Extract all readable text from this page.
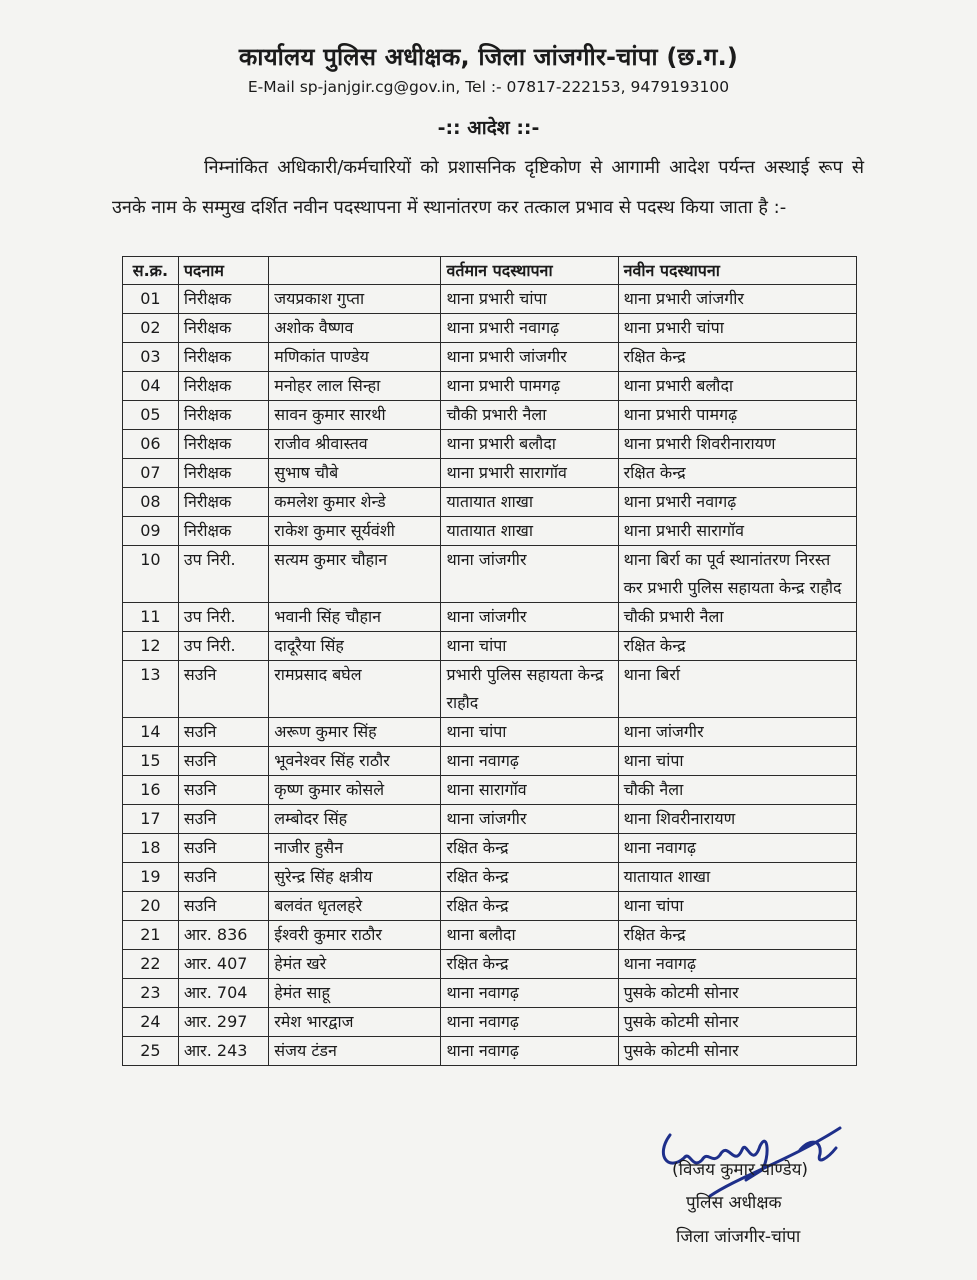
कार्यालय पुलिस अधीक्षक, जिला जांजगीर-चांपा (छ.ग.)
E-Mail sp-janjgir.cg@gov.in, Tel :- 07817-222153, 9479193100
-:: आदेश ::-
निम्नांकित अधिकारी/कर्मचारियों को प्रशासनिक दृष्टिकोण से आगामी आदेश पर्यन्त अस्थाई रूप से उनके नाम के सम्मुख दर्शित नवीन पदस्थापना में स्थानांतरण कर तत्काल प्रभाव से पदस्थ किया जाता है :-
स.क्र.	पदनाम		वर्तमान पदस्थापना	नवीन पदस्थापना
01	निरीक्षक	जयप्रकाश गुप्ता	थाना प्रभारी चांपा	थाना प्रभारी जांजगीर
02	निरीक्षक	अशोक वैष्णव	थाना प्रभारी नवागढ़	थाना प्रभारी चांपा
03	निरीक्षक	मणिकांत पाण्डेय	थाना प्रभारी जांजगीर	रक्षित केन्द्र
04	निरीक्षक	मनोहर लाल सिन्हा	थाना प्रभारी पामगढ़	थाना प्रभारी बलौदा
05	निरीक्षक	सावन कुमार सारथी	चौकी प्रभारी नैला	थाना प्रभारी पामगढ़
06	निरीक्षक	राजीव श्रीवास्तव	थाना प्रभारी बलौदा	थाना प्रभारी शिवरीनारायण
07	निरीक्षक	सुभाष चौबे	थाना प्रभारी सारागॉव	रक्षित केन्द्र
08	निरीक्षक	कमलेश कुमार शेन्डे	यातायात शाखा	थाना प्रभारी नवागढ़
09	निरीक्षक	राकेश कुमार सूर्यवंशी	यातायात शाखा	थाना प्रभारी सारागॉव
10	उप निरी.	सत्यम कुमार चौहान	थाना जांजगीर	थाना बिर्रा का पूर्व स्थानांतरण निरस्त कर प्रभारी पुलिस सहायता केन्द्र राहौद
11	उप निरी.	भवानी सिंह चौहान	थाना जांजगीर	चौकी प्रभारी नैला
12	उप निरी.	दादूरैया सिंह	थाना चांपा	रक्षित केन्द्र
13	सउनि	रामप्रसाद बघेल	प्रभारी पुलिस सहायता केन्द्र राहौद	थाना बिर्रा
14	सउनि	अरूण कुमार सिंह	थाना चांपा	थाना जांजगीर
15	सउनि	भूवनेश्वर सिंह राठौर	थाना नवागढ़	थाना चांपा
16	सउनि	कृष्ण कुमार कोसले	थाना सारागॉव	चौकी नैला
17	सउनि	लम्बोदर सिंह	थाना जांजगीर	थाना शिवरीनारायण
18	सउनि	नाजीर हुसैन	रक्षित केन्द्र	थाना नवागढ़
19	सउनि	सुरेन्द्र सिंह क्षत्रीय	रक्षित केन्द्र	यातायात शाखा
20	सउनि	बलवंत धृतलहरे	रक्षित केन्द्र	थाना चांपा
21	आर. 836	ईश्वरी कुमार राठौर	थाना बलौदा	रक्षित केन्द्र
22	आर. 407	हेमंत खरे	रक्षित केन्द्र	थाना नवागढ़
23	आर. 704	हेमंत साहू	थाना नवागढ़	पुसके कोटमी सोनार
24	आर. 297	रमेश भारद्वाज	थाना नवागढ़	पुसके कोटमी सोनार
25	आर. 243	संजय टंडन	थाना नवागढ़	पुसके कोटमी सोनार
(विजय कुमार पाण्डेय)
पुलिस अधीक्षक
जिला जांजगीर-चांपा
